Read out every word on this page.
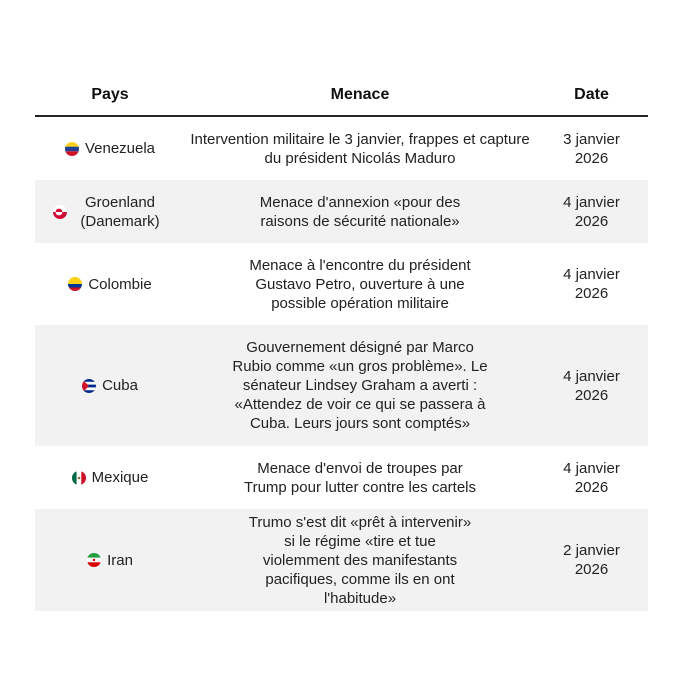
Pays	Menace	Date
Venezuela
Intervention militaire le 3 janvier, frappes et capture du président Nicolás Maduro
3 janvier 2026
Groenland (Danemark)
Menace d'annexion «pour des raisons de sécurité nationale»
4 janvier 2026
Colombie
Menace à l'encontre du président Gustavo Petro, ouverture à une possible opération militaire
4 janvier 2026
Cuba
Gouvernement désigné par Marco Rubio comme «un gros problème». Le sénateur Lindsey Graham a averti : «Attendez de voir ce qui se passera à Cuba. Leurs jours sont comptés»
4 janvier 2026
Mexique
Menace d'envoi de troupes par Trump pour lutter contre les cartels
4 janvier 2026
Iran
Trumo s'est dit «prêt à intervenir» si le régime «tire et tue violemment des manifestants pacifiques, comme ils en ont l'habitude»
2 janvier 2026
